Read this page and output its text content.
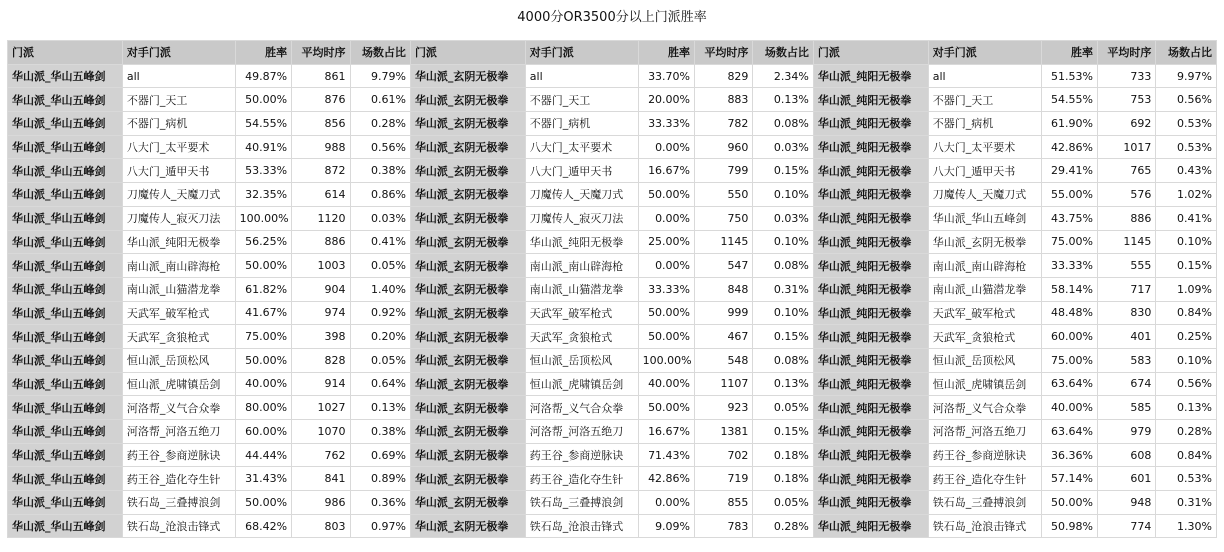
4000分OR3500分以上门派胜率
门派	对手门派	胜率	平均时序	场数占比	门派	对手门派	胜率	平均时序	场数占比	门派	对手门派	胜率	平均时序	场数占比
华山派_华山五峰剑	all	49.87%	861	9.79%	华山派_玄阴无极拳	all	33.70%	829	2.34%	华山派_纯阳无极拳	all	51.53%	733	9.97%
华山派_华山五峰剑	不器门_天工	50.00%	876	0.61%	华山派_玄阴无极拳	不器门_天工	20.00%	883	0.13%	华山派_纯阳无极拳	不器门_天工	54.55%	753	0.56%
华山派_华山五峰剑	不器门_病机	54.55%	856	0.28%	华山派_玄阴无极拳	不器门_病机	33.33%	782	0.08%	华山派_纯阳无极拳	不器门_病机	61.90%	692	0.53%
华山派_华山五峰剑	八大门_太平要术	40.91%	988	0.56%	华山派_玄阴无极拳	八大门_太平要术	0.00%	960	0.03%	华山派_纯阳无极拳	八大门_太平要术	42.86%	1017	0.53%
华山派_华山五峰剑	八大门_遁甲天书	53.33%	872	0.38%	华山派_玄阴无极拳	八大门_遁甲天书	16.67%	799	0.15%	华山派_纯阳无极拳	八大门_遁甲天书	29.41%	765	0.43%
华山派_华山五峰剑	刀魔传人_天魔刀式	32.35%	614	0.86%	华山派_玄阴无极拳	刀魔传人_天魔刀式	50.00%	550	0.10%	华山派_纯阳无极拳	刀魔传人_天魔刀式	55.00%	576	1.02%
华山派_华山五峰剑	刀魔传人_寂灭刀法	100.00%	1120	0.03%	华山派_玄阴无极拳	刀魔传人_寂灭刀法	0.00%	750	0.03%	华山派_纯阳无极拳	华山派_华山五峰剑	43.75%	886	0.41%
华山派_华山五峰剑	华山派_纯阳无极拳	56.25%	886	0.41%	华山派_玄阴无极拳	华山派_纯阳无极拳	25.00%	1145	0.10%	华山派_纯阳无极拳	华山派_玄阴无极拳	75.00%	1145	0.10%
华山派_华山五峰剑	南山派_南山辟海枪	50.00%	1003	0.05%	华山派_玄阴无极拳	南山派_南山辟海枪	0.00%	547	0.08%	华山派_纯阳无极拳	南山派_南山辟海枪	33.33%	555	0.15%
华山派_华山五峰剑	南山派_山猫潜龙拳	61.82%	904	1.40%	华山派_玄阴无极拳	南山派_山猫潜龙拳	33.33%	848	0.31%	华山派_纯阳无极拳	南山派_山猫潜龙拳	58.14%	717	1.09%
华山派_华山五峰剑	天武军_破军枪式	41.67%	974	0.92%	华山派_玄阴无极拳	天武军_破军枪式	50.00%	999	0.10%	华山派_纯阳无极拳	天武军_破军枪式	48.48%	830	0.84%
华山派_华山五峰剑	天武军_贪狼枪式	75.00%	398	0.20%	华山派_玄阴无极拳	天武军_贪狼枪式	50.00%	467	0.15%	华山派_纯阳无极拳	天武军_贪狼枪式	60.00%	401	0.25%
华山派_华山五峰剑	恒山派_岳顶松风	50.00%	828	0.05%	华山派_玄阴无极拳	恒山派_岳顶松风	100.00%	548	0.08%	华山派_纯阳无极拳	恒山派_岳顶松风	75.00%	583	0.10%
华山派_华山五峰剑	恒山派_虎啸镇岳剑	40.00%	914	0.64%	华山派_玄阴无极拳	恒山派_虎啸镇岳剑	40.00%	1107	0.13%	华山派_纯阳无极拳	恒山派_虎啸镇岳剑	63.64%	674	0.56%
华山派_华山五峰剑	河洛帮_义气合众拳	80.00%	1027	0.13%	华山派_玄阴无极拳	河洛帮_义气合众拳	50.00%	923	0.05%	华山派_纯阳无极拳	河洛帮_义气合众拳	40.00%	585	0.13%
华山派_华山五峰剑	河洛帮_河洛五绝刀	60.00%	1070	0.38%	华山派_玄阴无极拳	河洛帮_河洛五绝刀	16.67%	1381	0.15%	华山派_纯阳无极拳	河洛帮_河洛五绝刀	63.64%	979	0.28%
华山派_华山五峰剑	药王谷_参商逆脉诀	44.44%	762	0.69%	华山派_玄阴无极拳	药王谷_参商逆脉诀	71.43%	702	0.18%	华山派_纯阳无极拳	药王谷_参商逆脉诀	36.36%	608	0.84%
华山派_华山五峰剑	药王谷_造化夺生针	31.43%	841	0.89%	华山派_玄阴无极拳	药王谷_造化夺生针	42.86%	719	0.18%	华山派_纯阳无极拳	药王谷_造化夺生针	57.14%	601	0.53%
华山派_华山五峰剑	铁石岛_三叠搏浪剑	50.00%	986	0.36%	华山派_玄阴无极拳	铁石岛_三叠搏浪剑	0.00%	855	0.05%	华山派_纯阳无极拳	铁石岛_三叠搏浪剑	50.00%	948	0.31%
华山派_华山五峰剑	铁石岛_沧浪击锋式	68.42%	803	0.97%	华山派_玄阴无极拳	铁石岛_沧浪击锋式	9.09%	783	0.28%	华山派_纯阳无极拳	铁石岛_沧浪击锋式	50.98%	774	1.30%
